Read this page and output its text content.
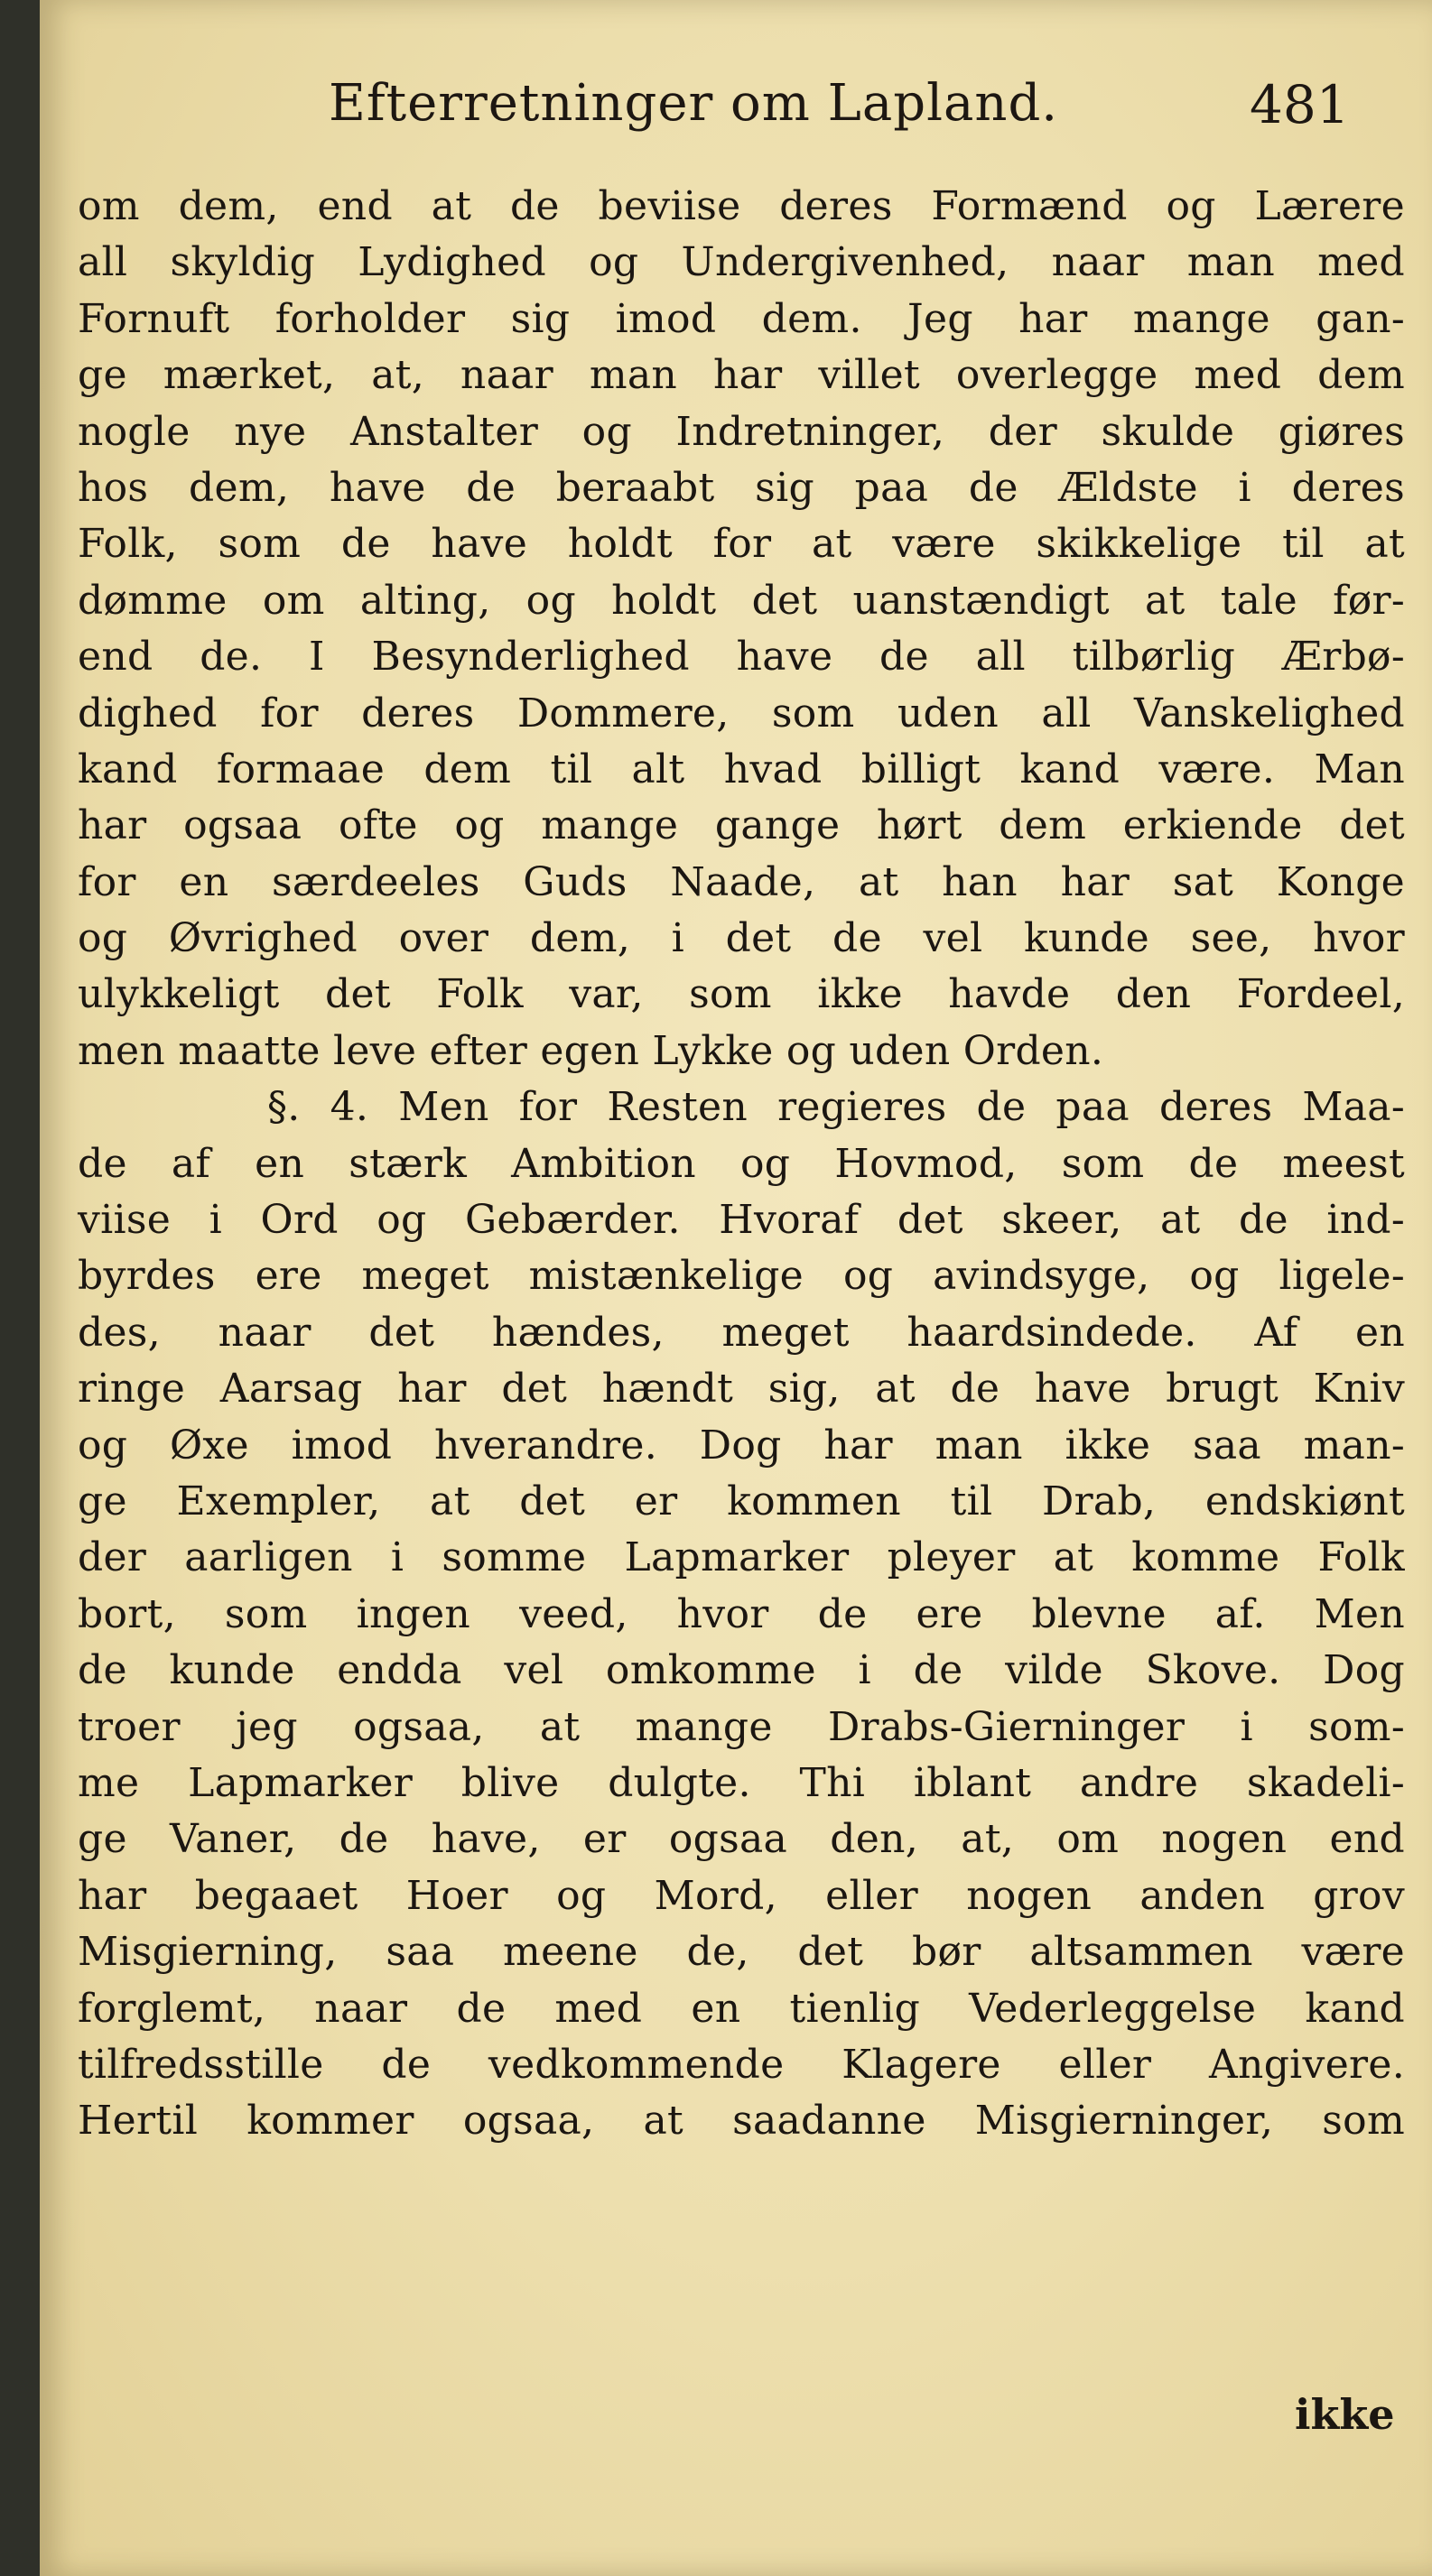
Efterretninger om Lapland.	481
om dem, end at de beviise deres Formænd og Lærere
all skyldig Lydighed og Undergivenhed, naar man med
Fornuft forholder sig imod dem. Jeg har mange gan-
ge mærket, at, naar man har villet overlegge med dem
nogle nye Anstalter og Indretninger, der skulde giøres
hos dem, have de beraabt sig paa de Ældste i deres
Folk, som de have holdt for at være skikkelige til at
dømme om alting, og holdt det uanstændigt at tale før-
end de. I Besynderlighed have de all tilbørlig Ærbø-
dighed for deres Dommere, som uden all Vanskelighed
kand formaae dem til alt hvad billigt kand være. Man
har ogsaa ofte og mange gange hørt dem erkiende det
for en særdeeles Guds Naade, at han har sat Konge
og Øvrighed over dem, i det de vel kunde see, hvor
ulykkeligt det Folk var, som ikke havde den Fordeel,
men maatte leve efter egen Lykke og uden Orden.
§. 4. Men for Resten regieres de paa deres Maa-
de af en stærk Ambition og Hovmod, som de meest
viise i Ord og Gebærder. Hvoraf det skeer, at de ind-
byrdes ere meget mistænkelige og avindsyge, og ligele-
des, naar det hændes, meget haardsindede. Af en
ringe Aarsag har det hændt sig, at de have brugt Kniv
og Øxe imod hverandre. Dog har man ikke saa man-
ge Exempler, at det er kommen til Drab, endskiønt
der aarligen i somme Lapmarker pleyer at komme Folk
bort, som ingen veed, hvor de ere blevne af. Men
de kunde endda vel omkomme i de vilde Skove. Dog
troer jeg ogsaa, at mange Drabs-Gierninger i som-
me Lapmarker blive dulgte. Thi iblant andre skadeli-
ge Vaner, de have, er ogsaa den, at, om nogen end
har begaaet Hoer og Mord, eller nogen anden grov
Misgierning, saa meene de, det bør altsammen være
forglemt, naar de med en tienlig Vederleggelse kand
tilfredsstille de vedkommende Klagere eller Angivere.
Hertil kommer ogsaa, at saadanne Misgierninger, som
ikke
